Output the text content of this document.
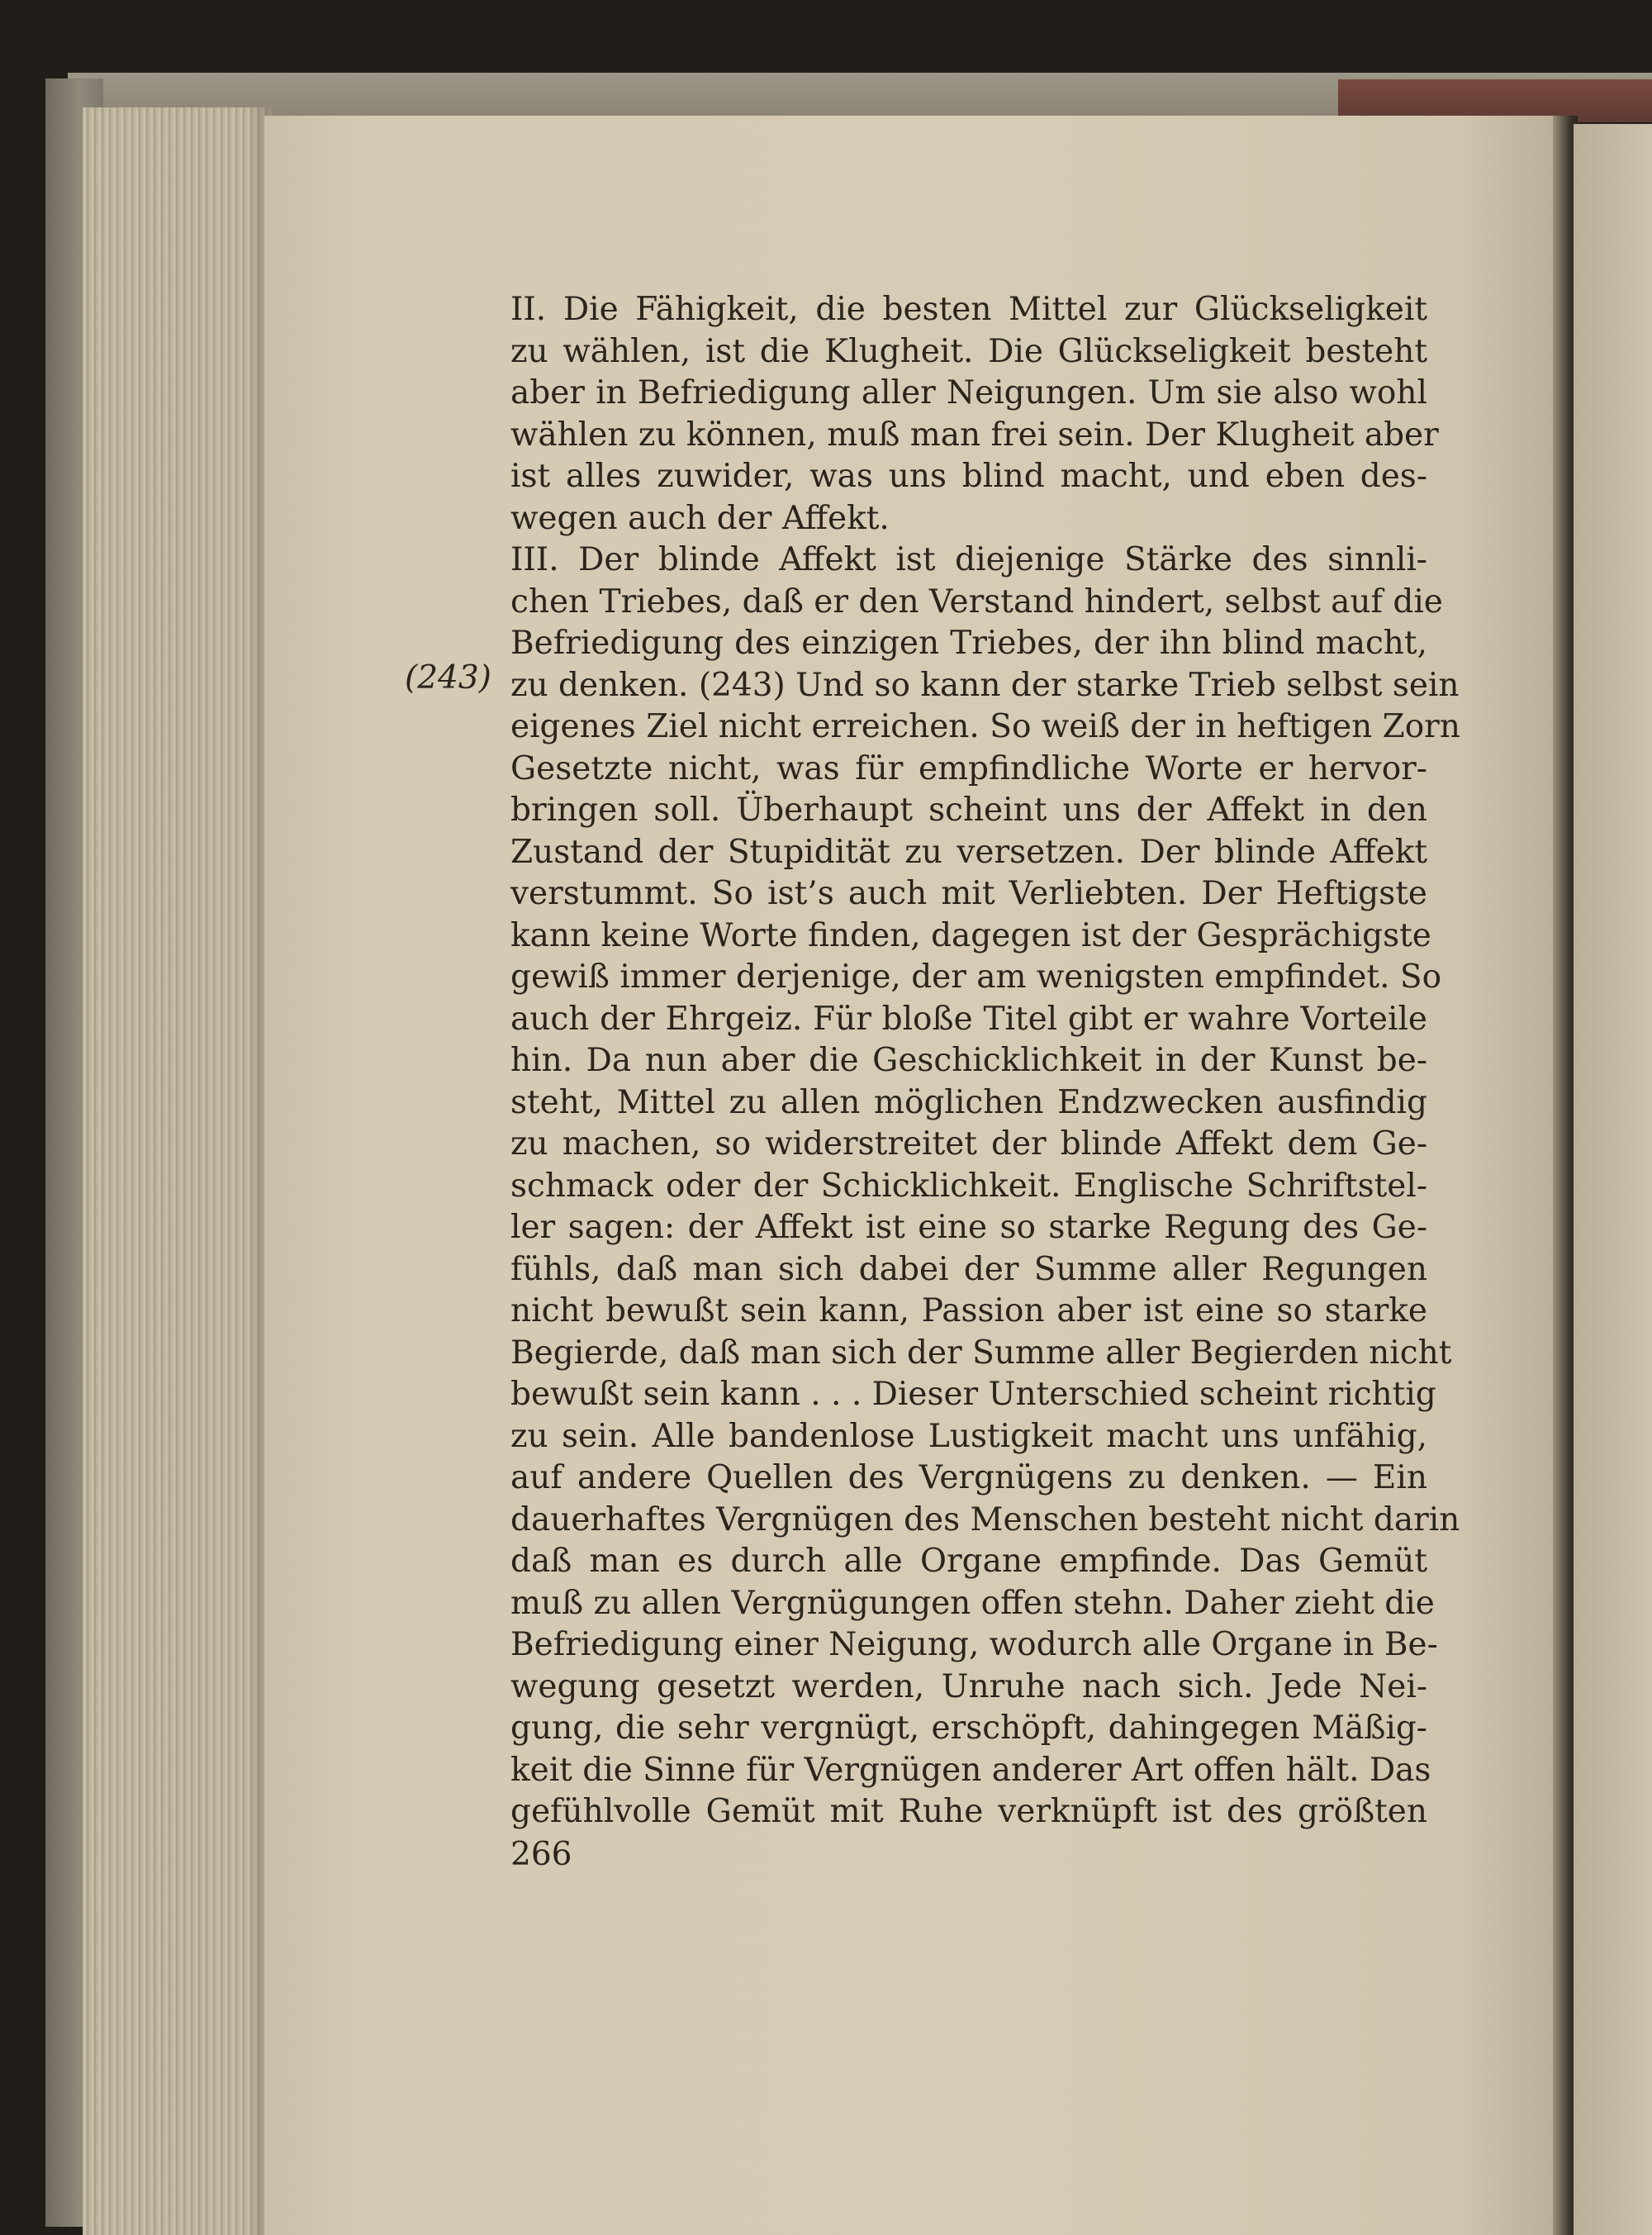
(243)
II. Die Fähigkeit, die besten Mittel zur Glückseligkeit
zu wählen, ist die Klugheit. Die Glückseligkeit besteht
aber in Befriedigung aller Neigungen. Um sie also wohl
wählen zu können, muß man frei sein. Der Klugheit aber
ist alles zuwider, was uns blind macht, und eben des-
wegen auch der Affekt.
III. Der blinde Affekt ist diejenige Stärke des sinnli-
chen Triebes, daß er den Verstand hindert, selbst auf die
Befriedigung des einzigen Triebes, der ihn blind macht,
zu denken. (243) Und so kann der starke Trieb selbst sein
eigenes Ziel nicht erreichen. So weiß der in heftigen Zorn
Gesetzte nicht, was für empfindliche Worte er hervor-
bringen soll. Überhaupt scheint uns der Affekt in den
Zustand der Stupidität zu versetzen. Der blinde Affekt
verstummt. So ist’s auch mit Verliebten. Der Heftigste
kann keine Worte finden, dagegen ist der Gesprächigste
gewiß immer derjenige, der am wenigsten empfindet. So
auch der Ehrgeiz. Für bloße Titel gibt er wahre Vorteile
hin. Da nun aber die Geschicklichkeit in der Kunst be-
steht, Mittel zu allen möglichen Endzwecken ausfindig
zu machen, so widerstreitet der blinde Affekt dem Ge-
schmack oder der Schicklichkeit. Englische Schriftstel-
ler sagen: der Affekt ist eine so starke Regung des Ge-
fühls, daß man sich dabei der Summe aller Regungen
nicht bewußt sein kann, Passion aber ist eine so starke
Begierde, daß man sich der Summe aller Begierden nicht
bewußt sein kann . . . Dieser Unterschied scheint richtig
zu sein. Alle bandenlose Lustigkeit macht uns unfähig,
auf andere Quellen des Vergnügens zu denken. — Ein
dauerhaftes Vergnügen des Menschen besteht nicht darin
daß man es durch alle Organe empfinde. Das Gemüt
muß zu allen Vergnügungen offen stehn. Daher zieht die
Befriedigung einer Neigung, wodurch alle Organe in Be-
wegung gesetzt werden, Unruhe nach sich. Jede Nei-
gung, die sehr vergnügt, erschöpft, dahingegen Mäßig-
keit die Sinne für Vergnügen anderer Art offen hält. Das
gefühlvolle Gemüt mit Ruhe verknüpft ist des größten
266
